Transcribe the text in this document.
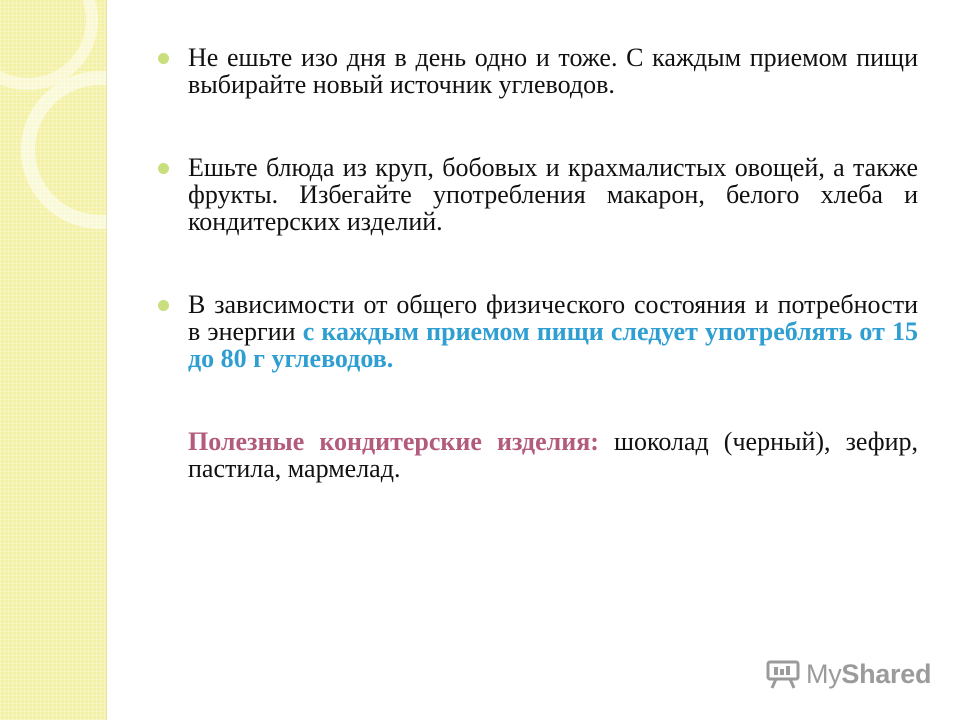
Не ешьте изо дня в день одно и тоже. С каждым приемом пищи выбирайте новый источник углеводов.

Ешьте блюда из круп, бобовых и крахмалистых овощей, а также фрукты. Избегайте употребления макарон, белого хлеба и кондитерских изделий.

В зависимости от общего физического состояния и потребности в энергии с каждым приемом пищи следует употреблять от 15 до 80 г углеводов.

Полезные кондитерские изделия: шоколад (черный), зефир, пастила, мармелад.

MyShared
